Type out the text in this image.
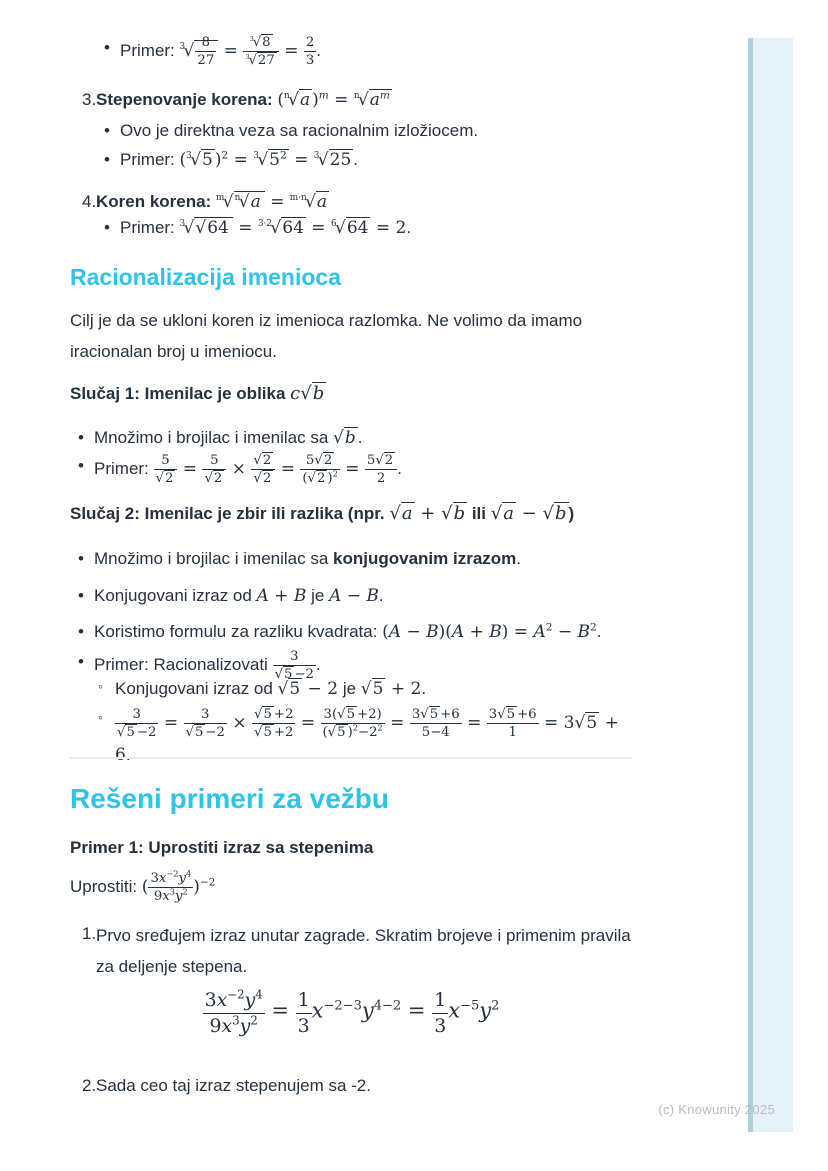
• Primer: $^3√ \frac{8}{27} = \frac{^3√8}{^3√27} = \frac{2}{3}$ .
3. Stepenovanje korena: ($^n$√a )$^m = ^n√a^m$
• Ovo je direktna veza sa racionalnim izložiocem.
• Primer: ($^3$√5 )$^2 = ^3√5^2 = ^3√25$ .
4. Koren korena: $^m$√$^n$√a = $^{m\cdot n}$√a
• Primer: $^3$√√64 = $^{3\cdot 2}$√64 = $^6$√64 = 2.
Racionalizacija imenioca

Cilj je da se ukloni koren iz imenioca razlomka. Ne volimo da imamo iracionalan broj u imeniocu.

Slučaj 1: Imenilac je oblika c√b
• Množimo i brojilac i imenilac sa √b .
• Primer: $\frac{5}{√2} = \frac{5}{√2} \times \frac{√2}{√2} = \frac{5√2}{(√2 )^2} = \frac{5√2}{2}$ .
Slučaj 2: Imenilac je zbir ili razlika (npr. √a + √b ili √a − √b )
• Množimo i brojilac i imenilac sa konjugovanim izrazom.
• Konjugovani izraz od A + B je A − B.
• Koristimo formulu za razliku kvadrata: $(A - B)(A + B) = A^2 - B^2$.
• Primer: Racionalizovati $\frac{3}{√5 -2}$ .
◦ Konjugovani izraz od √5 − 2 je √5 + 2.
◦ $\frac{3}{√5 -2} = \frac{3}{√5 -2} \times \frac{√5 +2}{√5 +2} = \frac{3(√5 +2)}{(√5 )^2-2^2} = \frac{3√5 +6}{5-4} = \frac{3√5 +6}{1} = 3√5 + 6$.
Rešeni primeri za vežbu
Primer 1: Uprostiti izraz sa stepenima
Uprostiti: ( $\frac{3x^{-2}y^4}{9x^3y^2} )^{-2}$
1. Prvo sređujem izraz unutar zagrade. Skratim brojeve i primenim pravila za deljenje stepena.
$\frac{3x^{-2}y^4}{9x^3y^2} = \frac{1}{3} x^{-2-3}y^{4-2} = \frac{1}{3} x^{-5}y^2$
2. Sada ceo taj izraz stepenujem sa -2.
(c) Knowunity 2025
